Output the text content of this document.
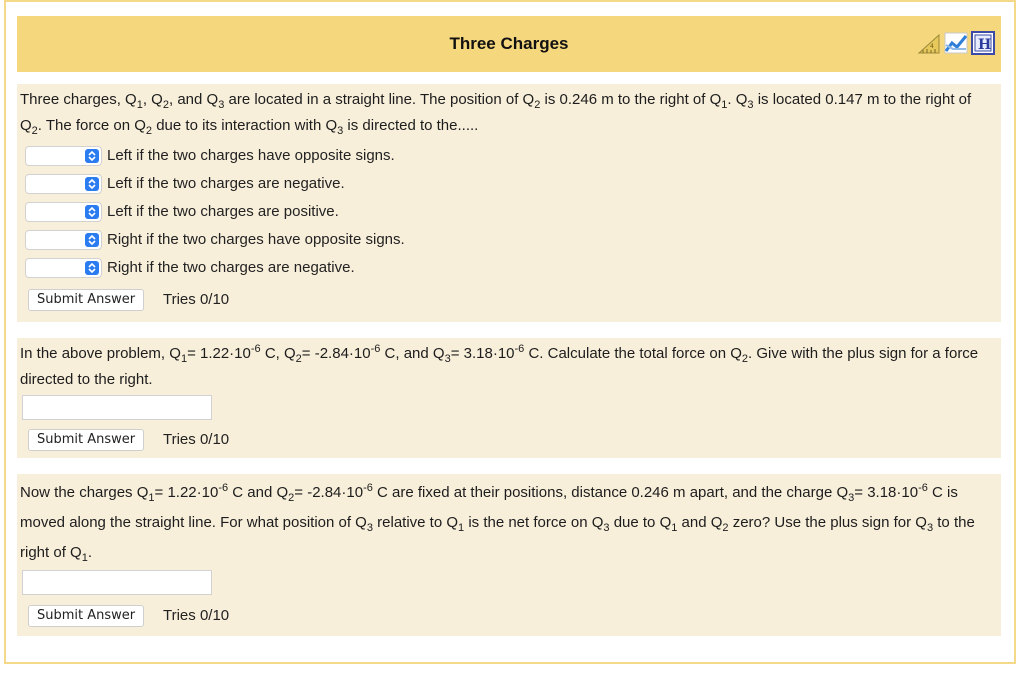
Three Charges	4	H
Three charges, $Q_1$, $Q_2$, and $Q_3$ are located in a straight line. The position of $Q_2$ is 0.246 m to the right of $Q_1$. $Q_3$ is located 0.147 m to the right of $Q_2$. The force on $Q_2$ due to its interaction with $Q_3$ is directed to the.....
Left if the two charges have opposite signs.
Left if the two charges are negative.
Left if the two charges are positive.
Right if the two charges have opposite signs.
Right if the two charges are negative.
Submit Answer	Tries 0/10
In the above problem, $Q_1= 1.22\cdot 10^{-6}$ C, $Q_2= -2.84\cdot 10^{-6}$ C, and $Q_3= 3.18\cdot 10^{-6}$ C. Calculate the total force on $Q_2$. Give with the plus sign for a force directed to the right.
Submit Answer	Tries 0/10
Now the charges $Q_1= 1.22\cdot 10^{-6}$ C and $Q_2= -2.84\cdot 10^{-6}$ C are fixed at their positions, distance 0.246 m apart, and the charge $Q_3= 3.18\cdot 10^{-6}$ C is moved along the straight line. For what position of $Q_3$ relative to $Q_1$ is the net force on $Q_3$ due to $Q_1$ and $Q_2$ zero? Use the plus sign for $Q_3$ to the right of $Q_1$.
Submit Answer	Tries 0/10
